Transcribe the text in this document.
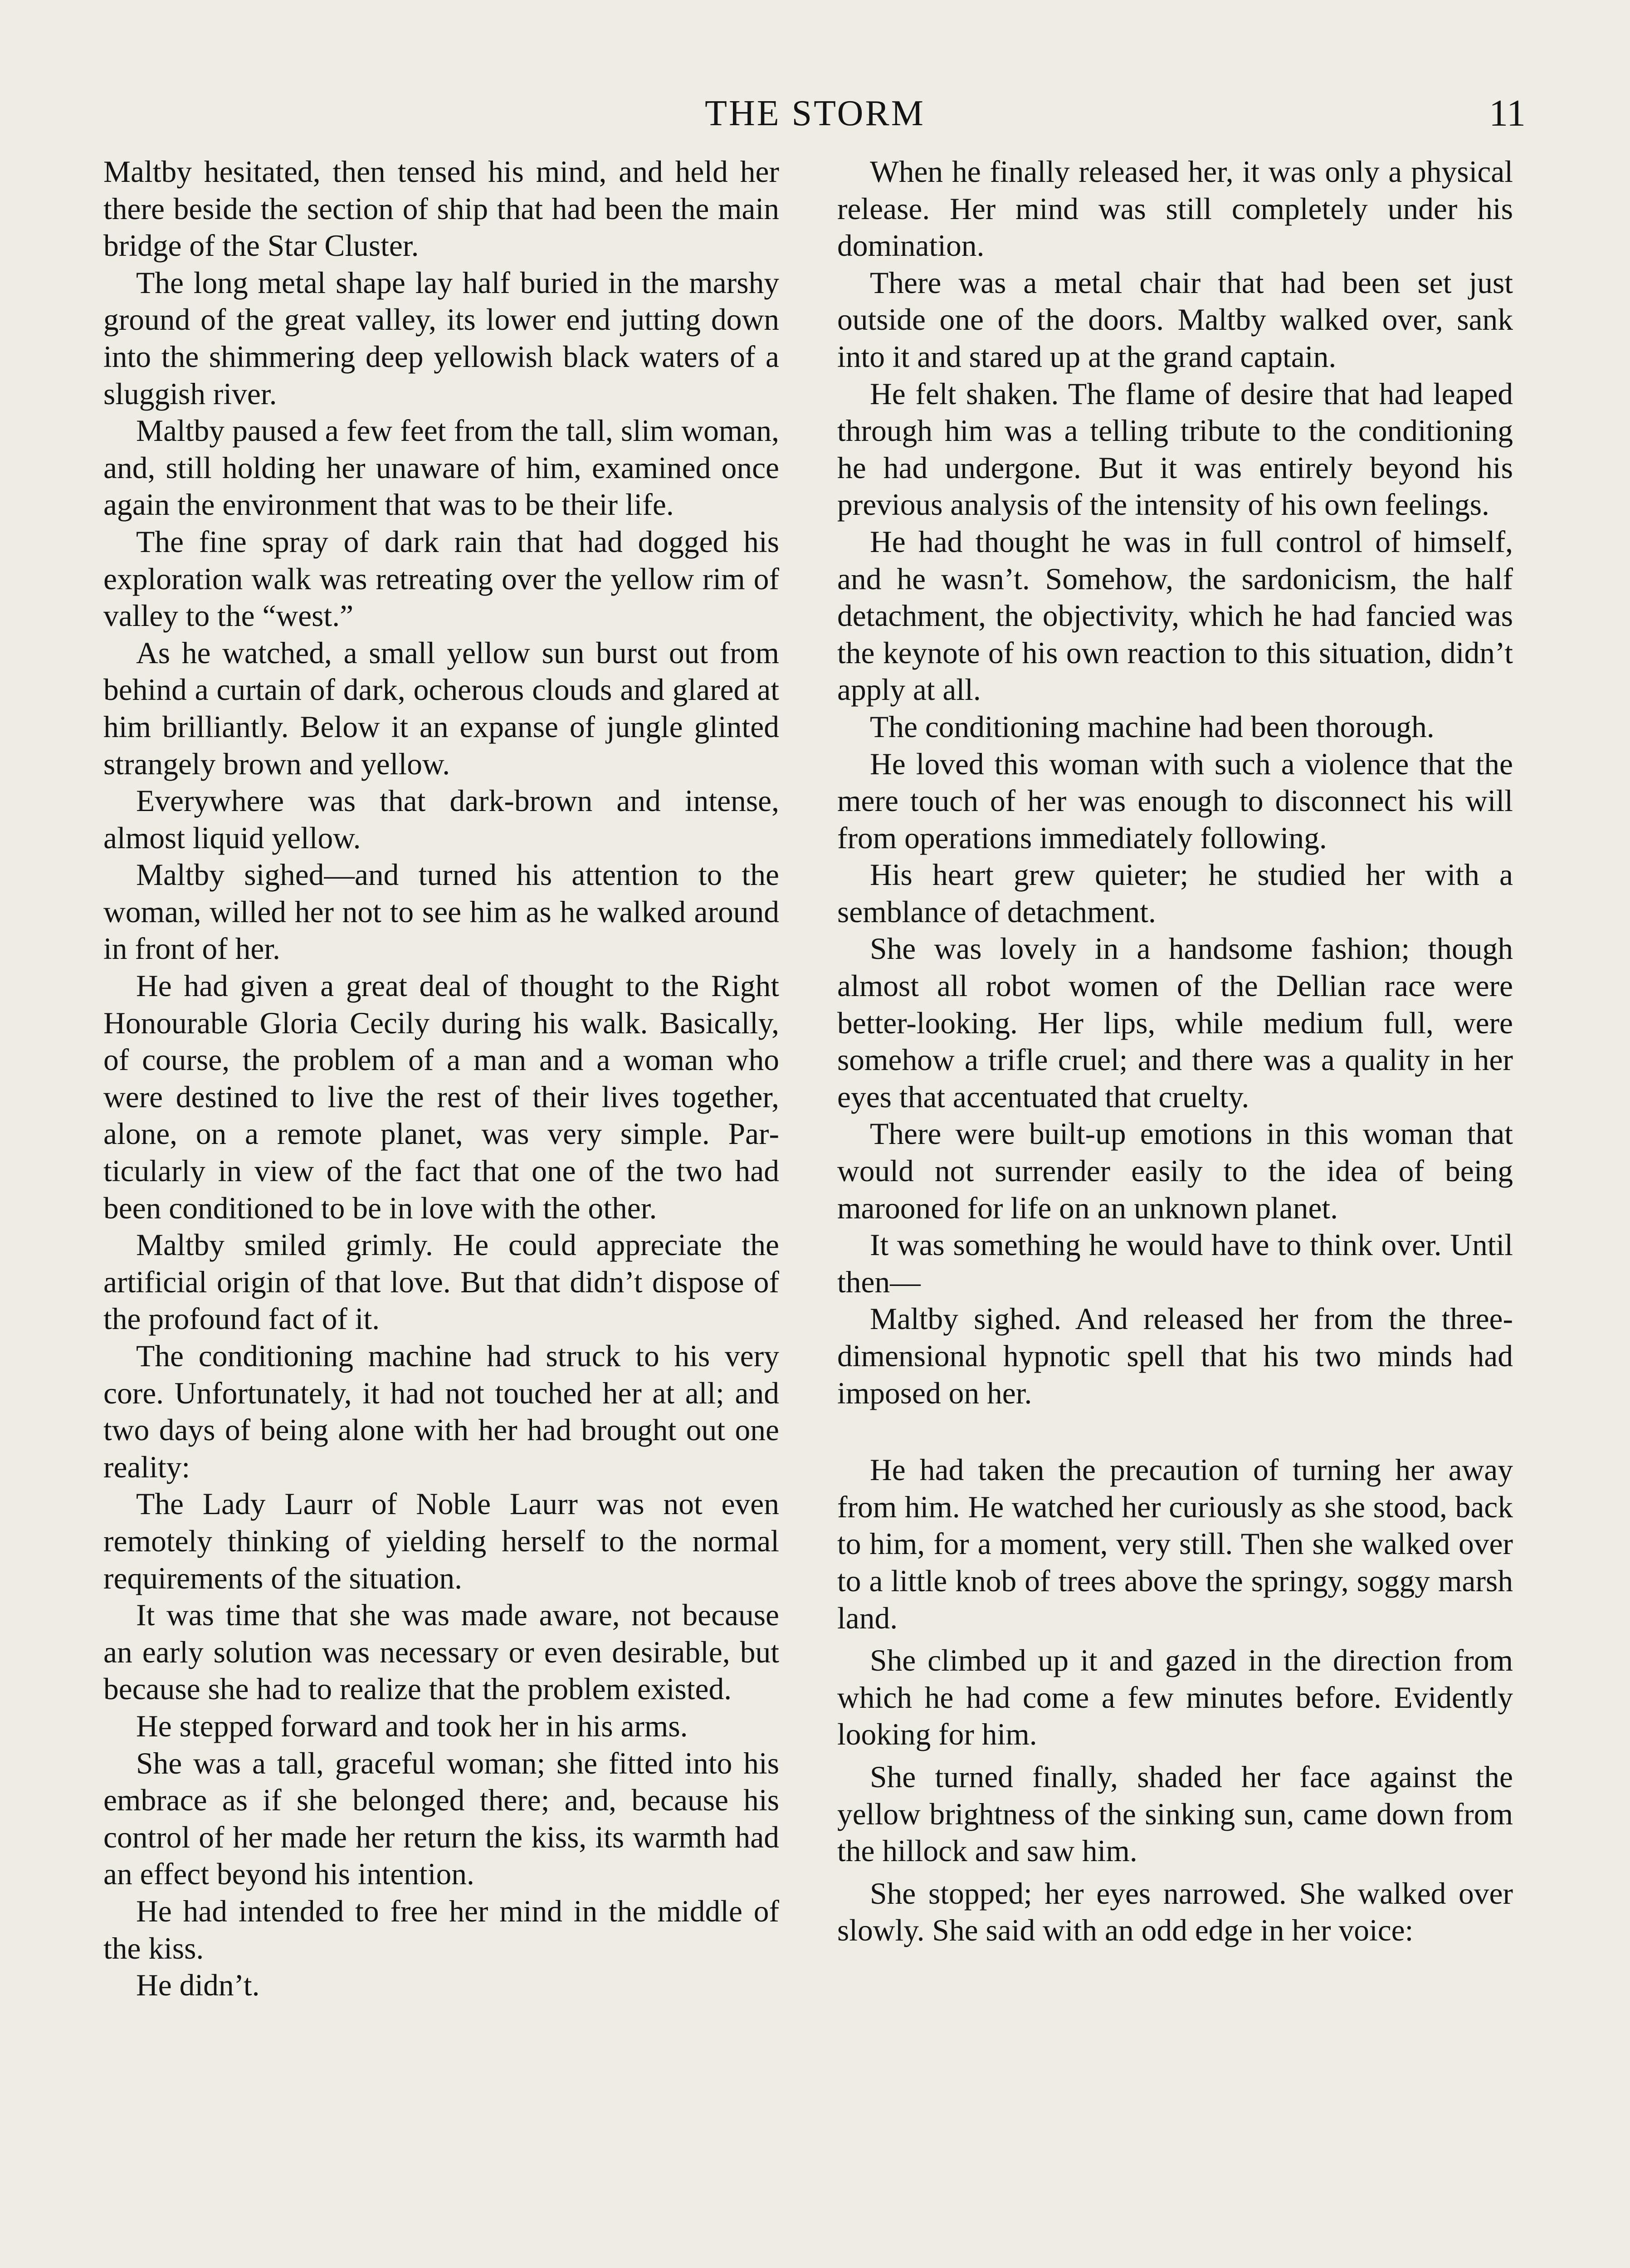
THE STORM	11

Maltby hesitated, then tensed his mind, and held her there beside the section of ship that had been the main bridge of the Star Cluster.

The long metal shape lay half buried in the marshy ground of the great valley, its lower end jutting down into the shimmering deep yellowish black waters of a sluggish river.

Maltby paused a few feet from the tall, slim woman, and, still holding her unaware of him, examined once again the environment that was to be their life.

The fine spray of dark rain that had dogged his exploration walk was retreating over the yellow rim of valley to the “west.”

As he watched, a small yellow sun burst out from behind a curtain of dark, ocherous clouds and glared at him brilliantly. Below it an expanse of jungle glinted strangely brown and yellow.

Everywhere was that dark-brown and intense, almost liquid yellow.

Maltby sighed—and turned his attention to the woman, willed her not to see him as he walked around in front of her.

He had given a great deal of thought to the Right Honourable Gloria Cecily during his walk. Basically, of course, the problem of a man and a woman who were destined to live the rest of their lives together, alone, on a remote planet, was very simple. Particularly in view of the fact that one of the two had been conditioned to be in love with the other.

Maltby smiled grimly. He could appreciate the artificial origin of that love. But that didn’t dispose of the profound fact of it.

The conditioning machine had struck to his very core. Unfortunately, it had not touched her at all; and two days of being alone with her had brought out one reality:

The Lady Laurr of Noble Laurr was not even remotely thinking of yielding herself to the normal requirements of the situation.

It was time that she was made aware, not because an early solution was necessary or even desirable, but because she had to realize that the problem existed.

He stepped forward and took her in his arms.

She was a tall, graceful woman; she fitted into his embrace as if she belonged there; and, because his control of her made her return the kiss, its warmth had an effect beyond his intention.

He had intended to free her mind in the middle of the kiss.

He didn’t.

When he finally released her, it was only a physical release. Her mind was still completely under his domination.

There was a metal chair that had been set just outside one of the doors. Maltby walked over, sank into it and stared up at the grand captain.

He felt shaken. The flame of desire that had leaped through him was a telling tribute to the conditioning he had undergone. But it was entirely beyond his previous analysis of the intensity of his own feelings.

He had thought he was in full control of himself, and he wasn’t. Somehow, the sardonicism, the half detachment, the objectivity, which he had fancied was the keynote of his own reaction to this situation, didn’t apply at all.

The conditioning machine had been thorough.

He loved this woman with such a violence that the mere touch of her was enough to disconnect his will from operations immediately following.

His heart grew quieter; he studied her with a semblance of detachment.

She was lovely in a handsome fashion; though almost all robot women of the Dellian race were better-looking. Her lips, while medium full, were somehow a trifle cruel; and there was a quality in her eyes that accentuated that cruelty.

There were built-up emotions in this woman that would not surrender easily to the idea of being marooned for life on an unknown planet.

It was something he would have to think over. Until then—

Maltby sighed. And released her from the three-dimensional hypnotic spell that his two minds had imposed on her.

He had taken the precaution of turning her away from him. He watched her curiously as she stood, back to him, for a moment, very still. Then she walked over to a little knob of trees above the springy, soggy marsh land.

She climbed up it and gazed in the direction from which he had come a few minutes before. Evidently looking for him.

She turned finally, shaded her face against the yellow brightness of the sinking sun, came down from the hillock and saw him.

She stopped; her eyes narrowed. She walked over slowly. She said with an odd edge in her voice:
